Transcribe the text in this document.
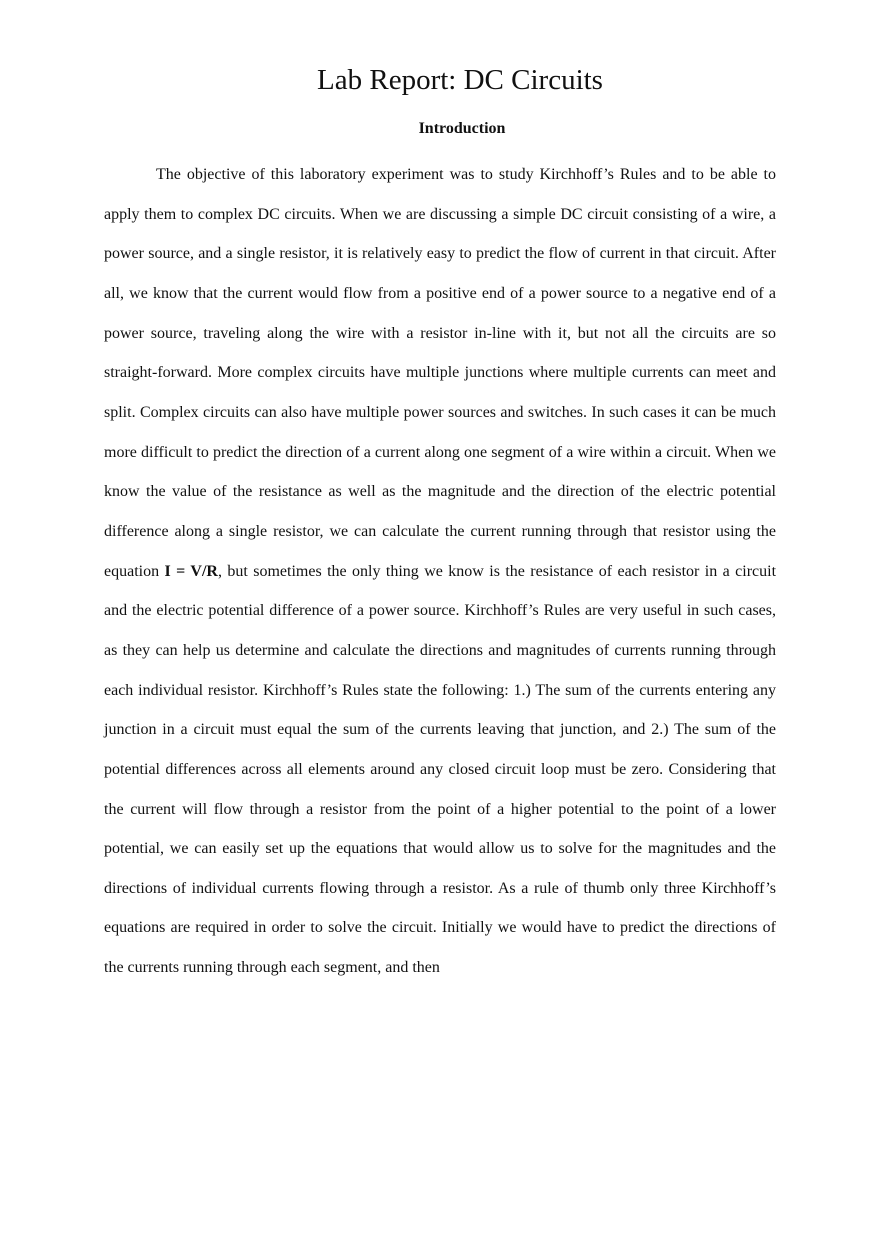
Lab Report: DC Circuits
Introduction

The objective of this laboratory experiment was to study Kirchhoff’s Rules and to be able to apply them to complex DC circuits. When we are discussing a simple DC circuit consisting of a wire, a power source, and a single resistor, it is relatively easy to predict the flow of current in that circuit. After all, we know that the current would flow from a positive end of a power source to a negative end of a power source, traveling along the wire with a resistor in-line with it, but not all the circuits are so straight-forward. More complex circuits have multiple junctions where multiple currents can meet and split. Complex circuits can also have multiple power sources and switches. In such cases it can be much more difficult to predict the direction of a current along one segment of a wire within a circuit. When we know the value of the resistance as well as the magnitude and the direction of the electric potential difference along a single resistor, we can calculate the current running through that resistor using the equation I = V/R, but sometimes the only thing we know is the resistance of each resistor in a circuit and the electric potential difference of a power source. Kirchhoff’s Rules are very useful in such cases, as they can help us determine and calculate the directions and magnitudes of currents running through each individual resistor. Kirchhoff’s Rules state the following: 1.) The sum of the currents entering any junction in a circuit must equal the sum of the currents leaving that junction, and 2.) The sum of the potential differences across all elements around any closed circuit loop must be zero. Considering that the current will flow through a resistor from the point of a higher potential to the point of a lower potential, we can easily set up the equations that would allow us to solve for the magnitudes and the directions of individual currents flowing through a resistor. As a rule of thumb only three Kirchhoff’s equations are required in order to solve the circuit. Initially we would have to predict the directions of the currents running through each segment, and then
